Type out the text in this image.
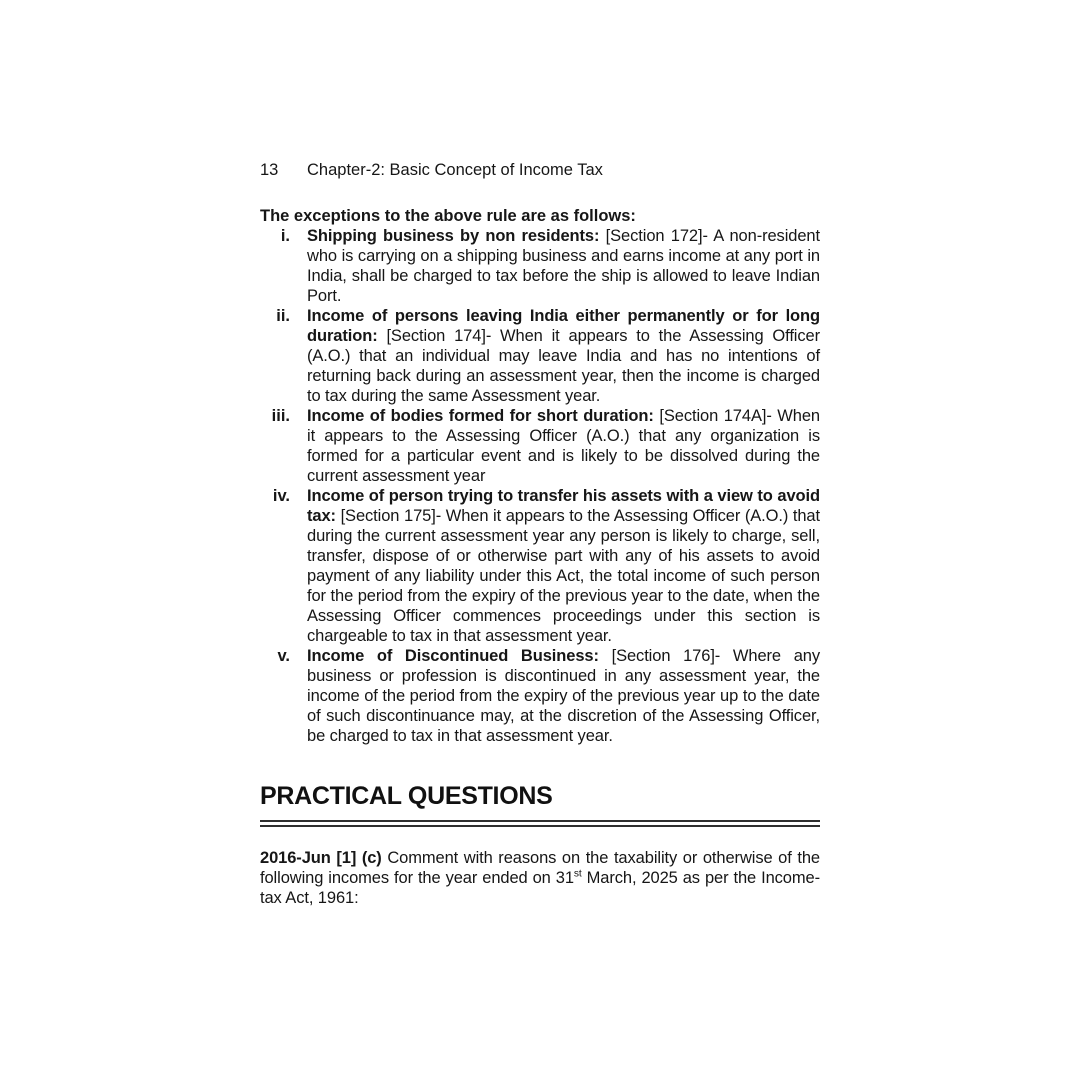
13	Chapter-2: Basic Concept of Income Tax

The exceptions to the above rule are as follows:

i. Shipping business by non residents: [Section 172]- A non-resident who is carrying on a shipping business and earns income at any port in India, shall be charged to tax before the ship is allowed to leave Indian Port.
ii. Income of persons leaving India either permanently or for long duration: [Section 174]- When it appears to the Assessing Officer (A.O.) that an individual may leave India and has no intentions of returning back during an assessment year, then the income is charged to tax during the same Assessment year.
iii. Income of bodies formed for short duration: [Section 174A]- When it appears to the Assessing Officer (A.O.) that any organization is formed for a particular event and is likely to be dissolved during the current assessment year
iv. Income of person trying to transfer his assets with a view to avoid tax: [Section 175]- When it appears to the Assessing Officer (A.O.) that during the current assessment year any person is likely to charge, sell, transfer, dispose of or otherwise part with any of his assets to avoid payment of any liability under this Act, the total income of such person for the period from the expiry of the previous year to the date, when the Assessing Officer commences proceedings under this section is chargeable to tax in that assessment year.
v. Income of Discontinued Business: [Section 176]- Where any business or profession is discontinued in any assessment year, the income of the period from the expiry of the previous year up to the date of such discontinuance may, at the discretion of the Assessing Officer, be charged to tax in that assessment year.
PRACTICAL QUESTIONS

2016-Jun [1] (c) Comment with reasons on the taxability or otherwise of the following incomes for the year ended on 31st March, 2025 as per the Income-tax Act, 1961:
